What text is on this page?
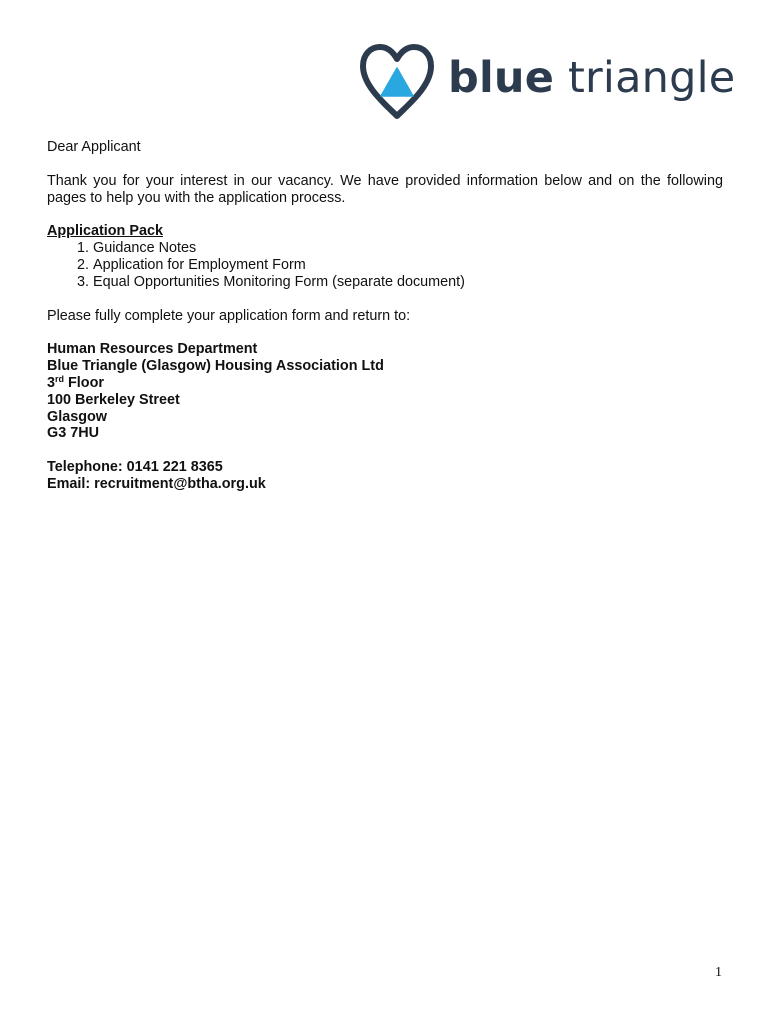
blue triangle

Dear Applicant

Thank you for your interest in our vacancy. We have provided information below and on the following pages to help you with the application process.

Application Pack

1. Guidance Notes
2. Application for Employment Form
3. Equal Opportunities Monitoring Form (separate document)

Please fully complete your application form and return to:

Human Resources Department

Blue Triangle (Glasgow) Housing Association Ltd

3rd Floor

100 Berkeley Street

Glasgow

G3 7HU

Telephone: 0141 221 8365

Email: recruitment@btha.org.uk

1
